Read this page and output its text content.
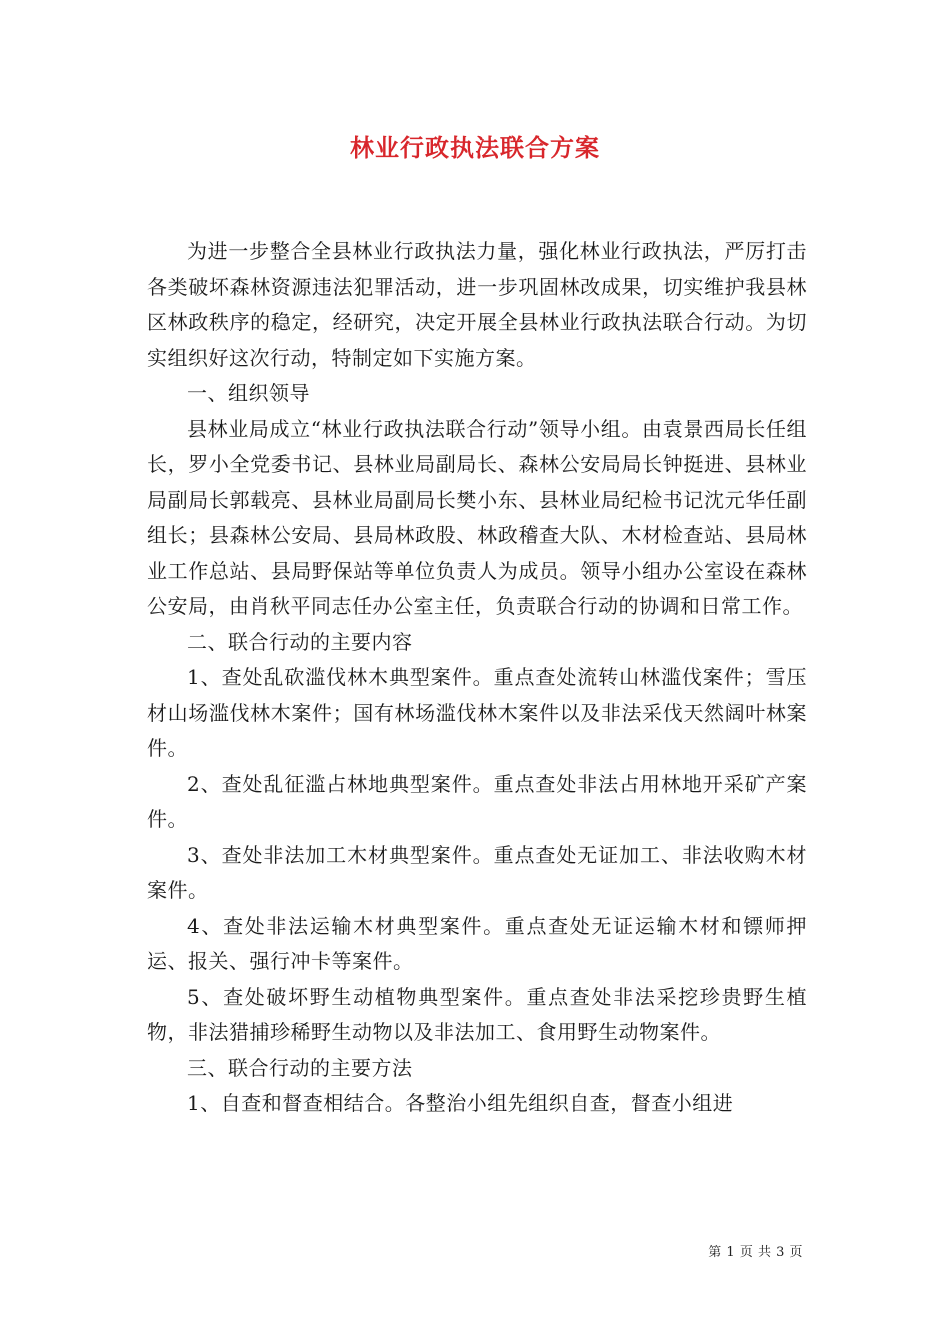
林业行政执法联合方案

为进一步整合全县林业行政执法力量，强化林业行政执法，严厉打击各类破坏森林资源违法犯罪活动，进一步巩固林改成果，切实维护我县林区林政秩序的稳定，经研究，决定开展全县林业行政执法联合行动。为切实组织好这次行动，特制定如下实施方案。

一、组织领导

县林业局成立“林业行政执法联合行动”领导小组。由袁景西局长任组长，罗小全党委书记、县林业局副局长、森林公安局局长钟挺进、县林业局副局长郭载亮、县林业局副局长樊小东、县林业局纪检书记沈元华任副组长；县森林公安局、县局林政股、林政稽查大队、木材检查站、县局林业工作总站、县局野保站等单位负责人为成员。领导小组办公室设在森林公安局，由肖秋平同志任办公室主任，负责联合行动的协调和日常工作。

二、联合行动的主要内容

1、查处乱砍滥伐林木典型案件。重点查处流转山林滥伐案件；雪压材山场滥伐林木案件；国有林场滥伐林木案件以及非法采伐天然阔叶林案件。

2、查处乱征滥占林地典型案件。重点查处非法占用林地开采矿产案件。

3、查处非法加工木材典型案件。重点查处无证加工、非法收购木材案件。

4、查处非法运输木材典型案件。重点查处无证运输木材和镖师押运、报关、强行冲卡等案件。

5、查处破坏野生动植物典型案件。重点查处非法采挖珍贵野生植物，非法猎捕珍稀野生动物以及非法加工、食用野生动物案件。

三、联合行动的主要方法

1、自查和督查相结合。各整治小组先组织自查，督查小组进

第 1 页 共 3 页
